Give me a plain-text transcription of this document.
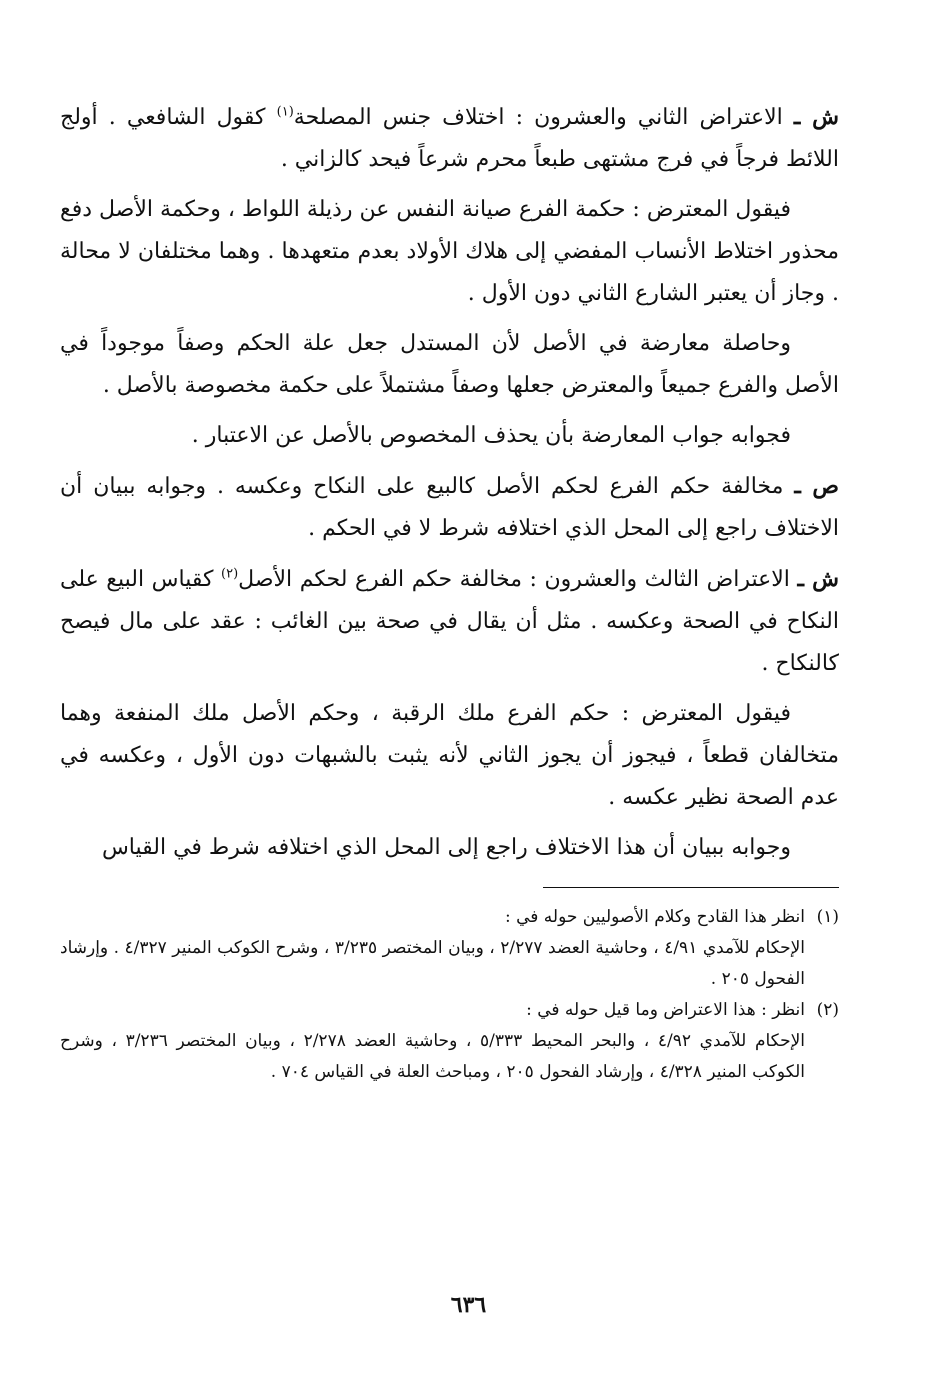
ش ـ الاعتراض الثاني والعشرون : اختلاف جنس المصلحة$^{(١)}$ كقول الشافعي . أولج اللائط فرجاً في فرج مشتهى طبعاً محرم شرعاً فيحد كالزاني .

فيقول المعترض : حكمة الفرع صيانة النفس عن رذيلة اللواط ، وحكمة الأصل دفع محذور اختلاط الأنساب المفضي إلى هلاك الأولاد بعدم متعهدها . وهما مختلفان لا محالة . وجاز أن يعتبر الشارع الثاني دون الأول .

وحاصلة معارضة في الأصل لأن المستدل جعل علة الحكم وصفاً موجوداً في الأصل والفرع جميعاً والمعترض جعلها وصفاً مشتملاً على حكمة مخصوصة بالأصل .

فجوابه جواب المعارضة بأن يحذف المخصوص بالأصل عن الاعتبار .

ص ـ مخالفة حكم الفرع لحكم الأصل كالبيع على النكاح وعكسه . وجوابه ببيان أن الاختلاف راجع إلى المحل الذي اختلافه شرط لا في الحكم .

ش ـ الاعتراض الثالث والعشرون : مخالفة حكم الفرع لحكم الأصل$^{(٢)}$ كقياس البيع على النكاح في الصحة وعكسه . مثل أن يقال في صحة بين الغائب : عقد على مال فيصح كالنكاح .

فيقول المعترض : حكم الفرع ملك الرقبة ، وحكم الأصل ملك المنفعة وهما متخالفان قطعاً ، فيجوز أن يجوز الثاني لأنه يثبت بالشبهات دون الأول ، وعكسه في عدم الصحة نظير عكسه .

وجوابه ببيان أن هذا الاختلاف راجع إلى المحل الذي اختلافه شرط في القياس

(١)انظر هذا القادح وكلام الأصوليين حوله في :

الإحكام للآمدي ٤/٩١ ، وحاشية العضد ٢/٢٧٧ ، وبيان المختصر ٣/٢٣٥ ، وشرح الكوكب المنير ٤/٣٢٧ . وإرشاد الفحول ٢٠٥ .

(٢)انظر : هذا الاعتراض وما قيل حوله في :

الإحكام للآمدي ٤/٩٢ ، والبحر المحيط ٥/٣٣٣ ، وحاشية العضد ٢/٢٧٨ ، وبيان المختصر ٣/٢٣٦ ، وشرح الكوكب المنير ٤/٣٢٨ ، وإرشاد الفحول ٢٠٥ ، ومباحث العلة في القياس ٧٠٤ .

٦٣٦
